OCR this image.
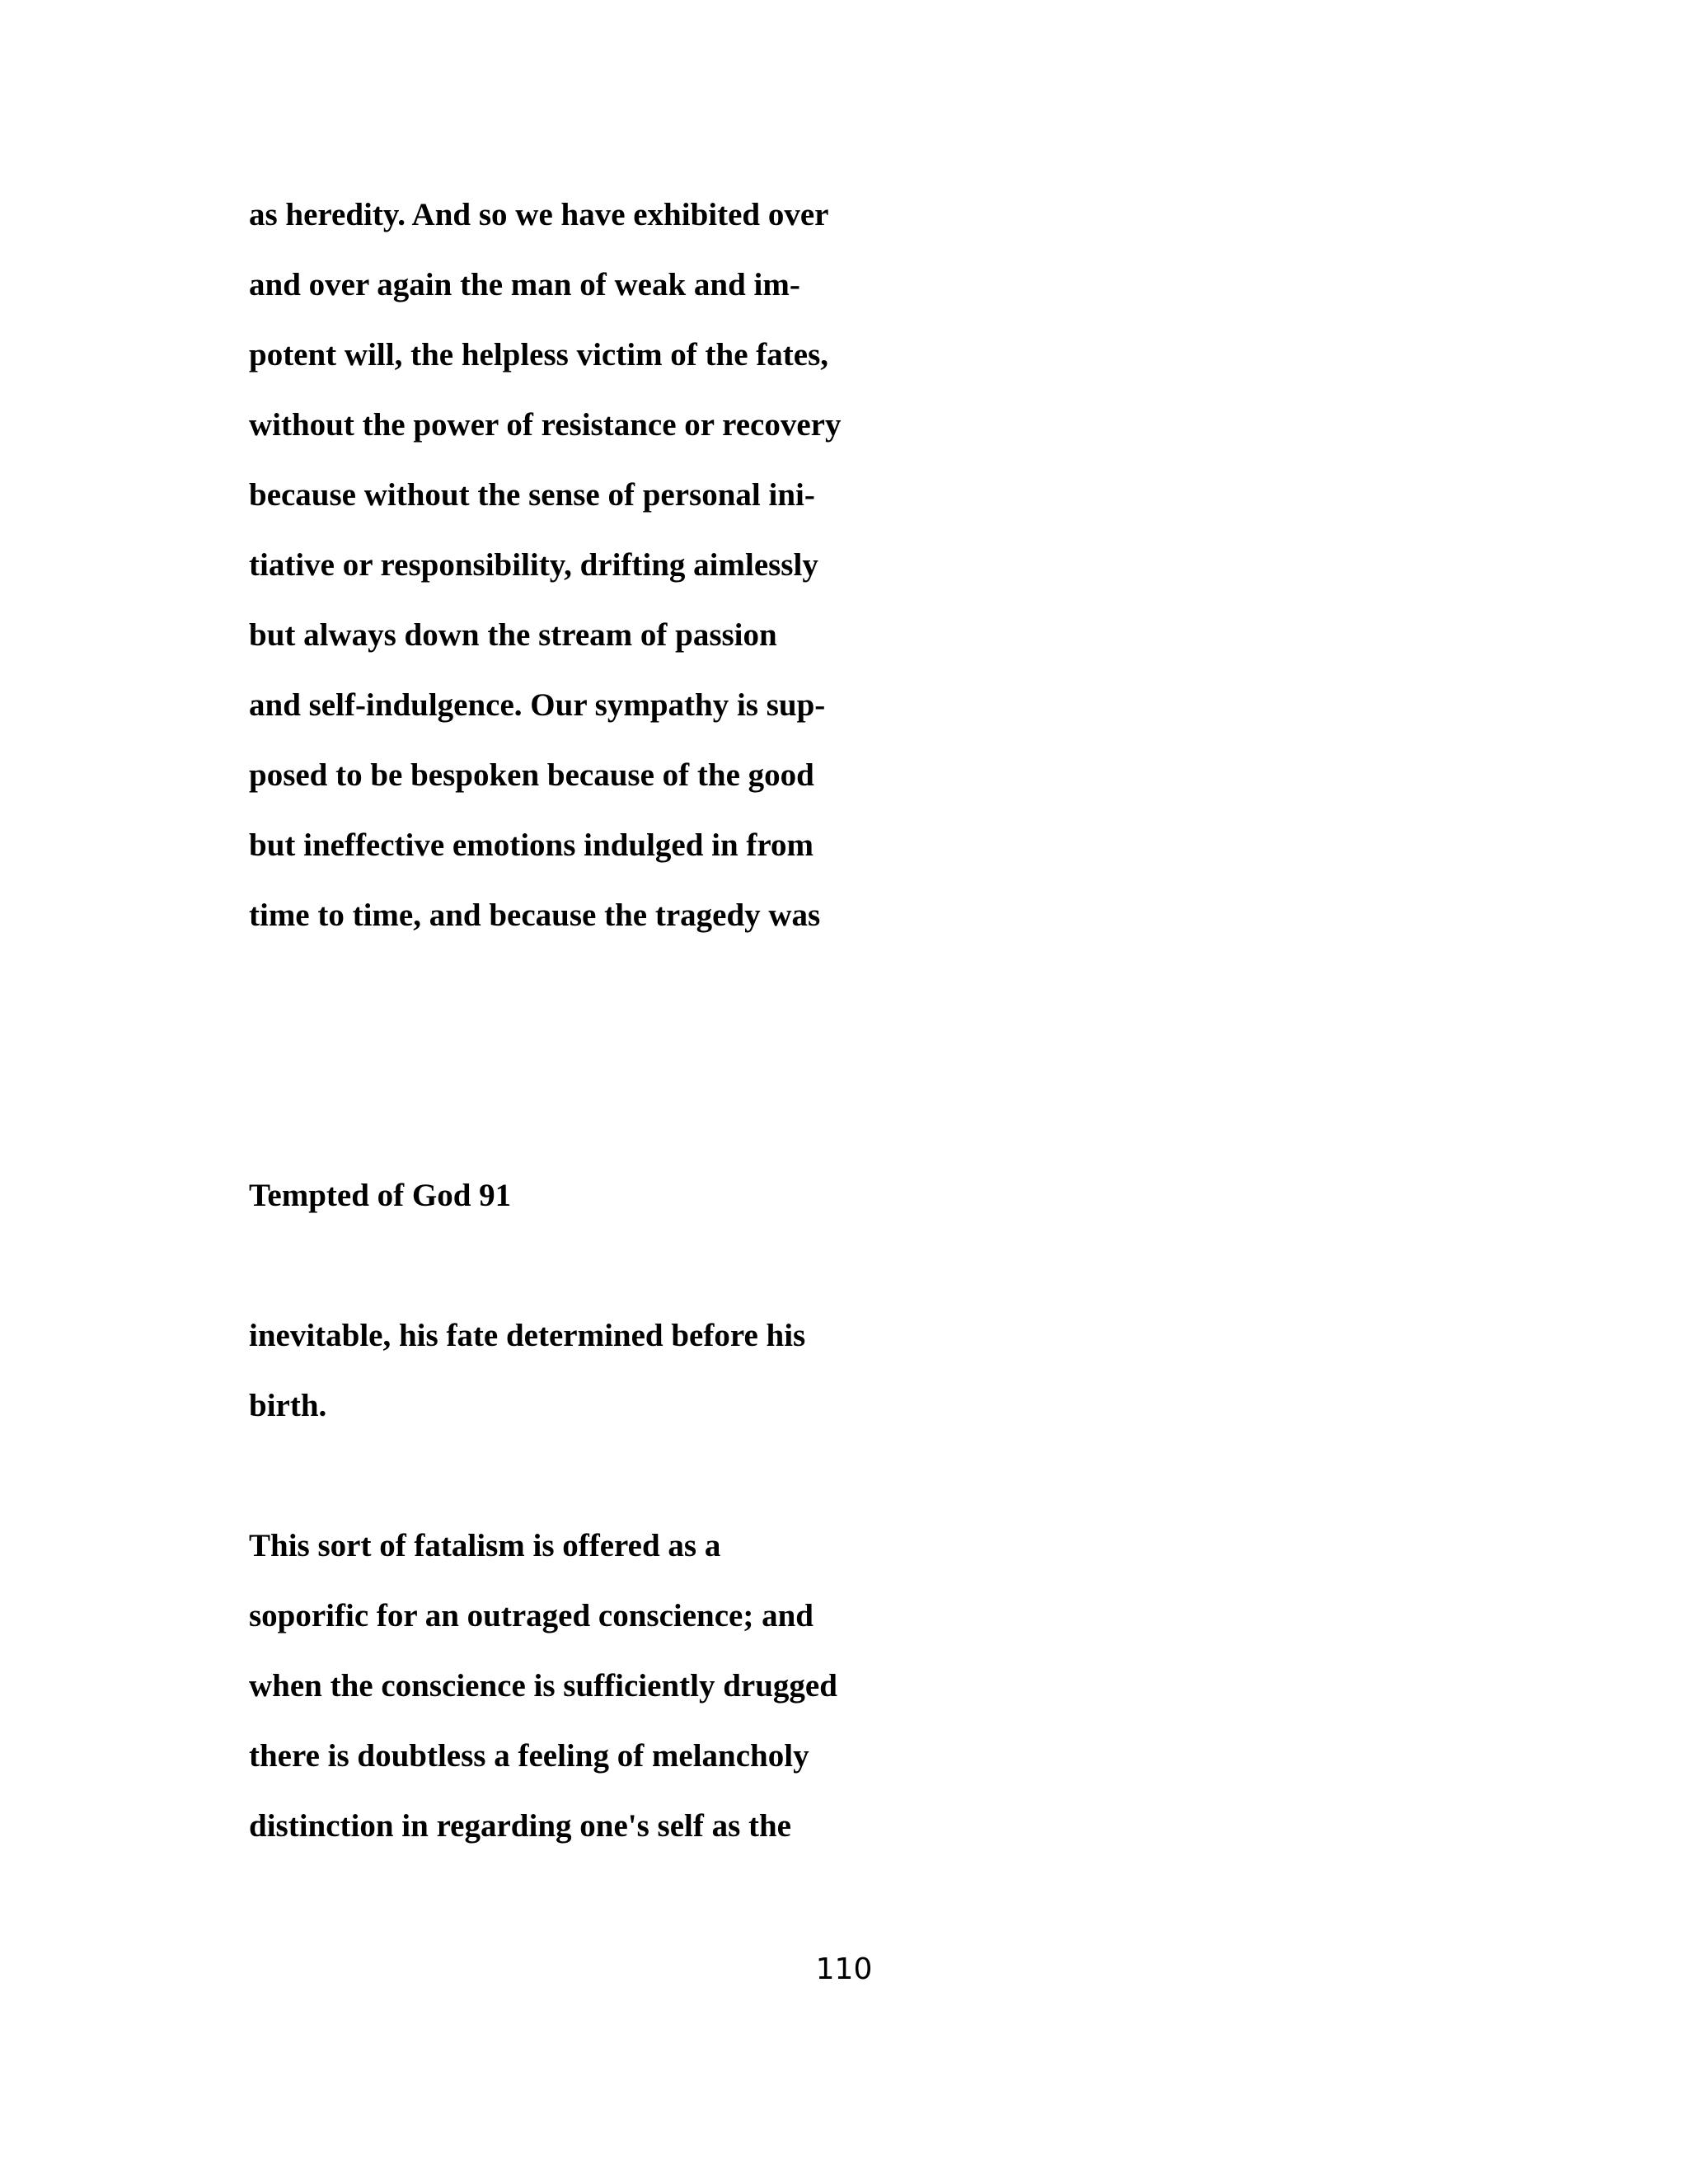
as heredity. And so we have exhibited over

and over again the man of weak and im-

potent will, the helpless victim of the fates,

without the power of resistance or recovery

because without the sense of personal ini-

tiative or responsibility, drifting aimlessly

but always down the stream of passion

and self-indulgence. Our sympathy is sup-

posed to be bespoken because of the good

but ineffective emotions indulged in from

time to time, and because the tragedy was

Tempted of God 91

inevitable, his fate determined before his

birth.

This sort of fatalism is offered as a

soporific for an outraged conscience; and

when the conscience is sufficiently drugged

there is doubtless a feeling of melancholy

distinction in regarding one's self as the

110
